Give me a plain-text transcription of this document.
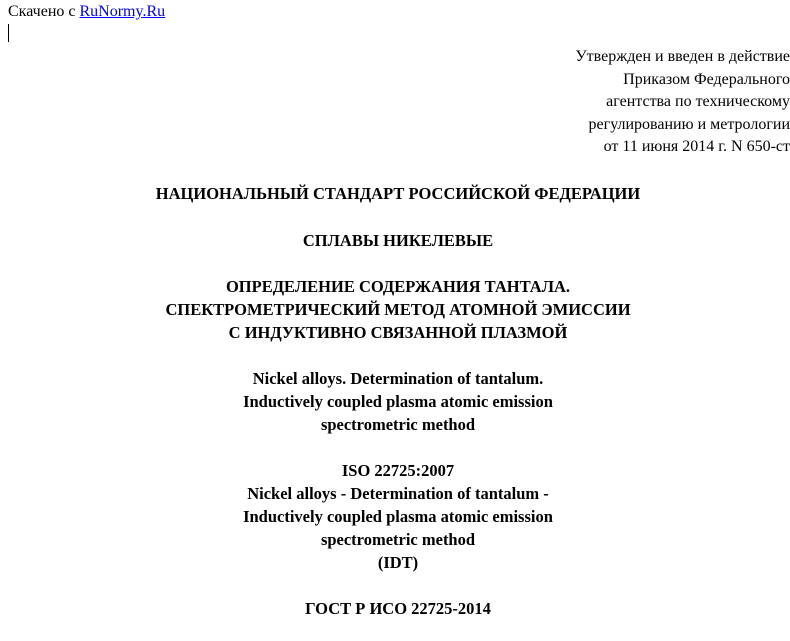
Скачено с RuNormy.Ru
Утвержден и введен в действие
Приказом Федерального
агентства по техническому
регулированию и метрологии
от 11 июня 2014 г. N 650-ст
НАЦИОНАЛЬНЫЙ СТАНДАРТ РОССИЙСКОЙ ФЕДЕРАЦИИ
СПЛАВЫ НИКЕЛЕВЫЕ
ОПРЕДЕЛЕНИЕ СОДЕРЖАНИЯ ТАНТАЛА.
СПЕКТРОМЕТРИЧЕСКИЙ МЕТОД АТОМНОЙ ЭМИССИИ
С ИНДУКТИВНО СВЯЗАННОЙ ПЛАЗМОЙ
Nickel alloys. Determination of tantalum.
Inductively coupled plasma atomic emission
spectrometric method
ISO 22725:2007
Nickel alloys - Determination of tantalum -
Inductively coupled plasma atomic emission
spectrometric method
(IDT)
ГОСТ Р ИСО 22725-2014
